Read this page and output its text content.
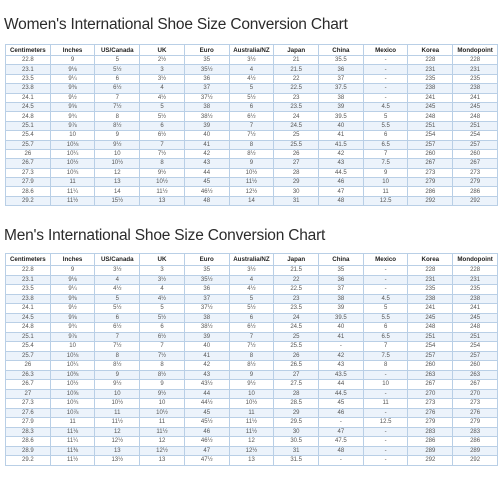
Women's International Shoe Size Conversion Chart
Centimeters	Inches	US/Canada	UK	Euro	Australia/NZ	Japan	China	Mexico	Korea	Mondopoint
22.8	9	5	2½	35	3½	21	35.5	-	228	228
23.1	9⅛	5½	3	35½	4	21.5	36	-	231	231
23.5	9¼	6	3½	36	4½	22	37	-	235	235
23.8	9⅜	6½	4	37	5	22.5	37.5	-	238	238
24.1	9½	7	4½	37½	5½	23	38	-	241	241
24.5	9⅝	7½	5	38	6	23.5	39	4.5	245	245
24.8	9¾	8	5½	38½	6½	24	39.5	5	248	248
25.1	9⅞	8½	6	39	7	24.5	40	5.5	251	251
25.4	10	9	6½	40	7½	25	41	6	254	254
25.7	10⅛	9½	7	41	8	25.5	41.5	6.5	257	257
26	10¼	10	7½	42	8½	26	42	7	260	260
26.7	10½	10½	8	43	9	27	43	7.5	267	267
27.3	10¾	12	9½	44	10½	28	44.5	9	273	273
27.9	11	13	10½	45	11½	29	46	10	279	279
28.6	11¼	14	11½	46½	12½	30	47	11	286	286
29.2	11½	15½	13	48	14	31	48	12.5	292	292
Men's International Shoe Size Conversion Chart
Centimeters	Inches	US/Canada	UK	Euro	Australia/NZ	Japan	China	Mexico	Korea	Mondopoint
22.8	9	3½	3	35	3½	21.5	35	-	228	228
23.1	9⅛	4	3½	35½	4	22	36	-	231	231
23.5	9¼	4½	4	36	4½	22.5	37	-	235	235
23.8	9⅜	5	4½	37	5	23	38	4.5	238	238
24.1	9½	5½	5	37½	5½	23.5	39	5	241	241
24.5	9⅝	6	5½	38	6	24	39.5	5.5	245	245
24.8	9¾	6½	6	38½	6½	24.5	40	6	248	248
25.1	9⅞	7	6½	39	7	25	41	6.5	251	251
25.4	10	7½	7	40	7½	25.5	-	7	254	254
25.7	10⅛	8	7½	41	8	26	42	7.5	257	257
26	10¼	8½	8	42	8½	26.5	43	8	260	260
26.3	10⅜	9	8½	43	9	27	43.5	-	263	263
26.7	10½	9½	9	43½	9½	27.5	44	10	267	267
27	10⅝	10	9½	44	10	28	44.5	-	270	270
27.3	10¾	10½	10	44½	10½	28.5	45	11	273	273
27.6	10⅞	11	10½	45	11	29	46	-	276	276
27.9	11	11½	11	45½	11½	29.5	-	12.5	279	279
28.3	11⅛	12	11½	46	11½	30	47	-	283	283
28.6	11¼	12½	12	46½	12	30.5	47.5	-	286	286
28.9	11⅜	13	12½	47	12½	31	48	-	289	289
29.2	11½	13½	13	47½	13	31.5	-	-	292	292
